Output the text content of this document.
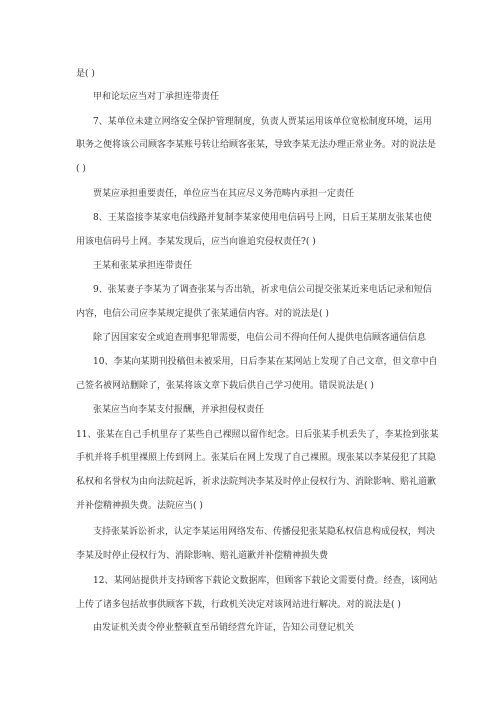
是( )
甲和论坛应当对丁承担连带责任
7、某单位未建立网络安全保护管理制度，负责人贾某运用该单位宽松制度环境，运用
职务之便将该公司顾客李某账号转让给顾客张某，导致李某无法办理正常业务。对的说法是
( )
贾某应承担重要责任，单位应当在其应尽义务范畴内承担一定责任
8、王某盗接李某家电信线路并复制李某家使用电信码号上网，日后王某朋友张某也使
用该电信码号上网。李某发现后，应当向谁追究侵权责任?( )
王某和张某承担连带责任
9、张某妻子李某为了调查张某与否出轨，祈求电信公司提交张某近来电话记录和短信
内容，电信公司应李某规定提供了张某通信内容。对的说法是( )
除了因国家安全或追查刑事犯罪需要，电信公司不得向任何人提供电信顾客通信信息
10、李某向某期刊投稿但未被采用，日后李某在某网站上发现了自己文章，但文章中自
己签名被网站删除了，张某将该文章下载后供自己学习使用。错误说法是( )
张某应当向李某支付报酬，并承担侵权责任
11、张某在自己手机里存了某些自己裸照以留作纪念。日后张某手机丢失了，李某捡到张某
手机并将手机里裸照上传到网上。张某后在网上发现了自己裸照。现张某以李某侵犯了其隐
私权和名誉权为由向法院起诉，祈求法院判决李某及时停止侵权行为、消除影响、赔礼道歉
并补偿精神损失费。法院应当( )
支持张某诉讼祈求，认定李某运用网络发布、传播侵犯张某隐私权信息构成侵权，判决
李某及时停止侵权行为、消除影响、赔礼道歉并补偿精神损失费
12、某网站提供并支持顾客下载论文数据库，但顾客下载论文需要付费。经查，该网站
上传了诸多包括故事供顾客下载，行政机关决定对该网站进行解决。对的说法是( )
由发证机关责令停业整顿直至吊销经营允许证，告知公司登记机关
